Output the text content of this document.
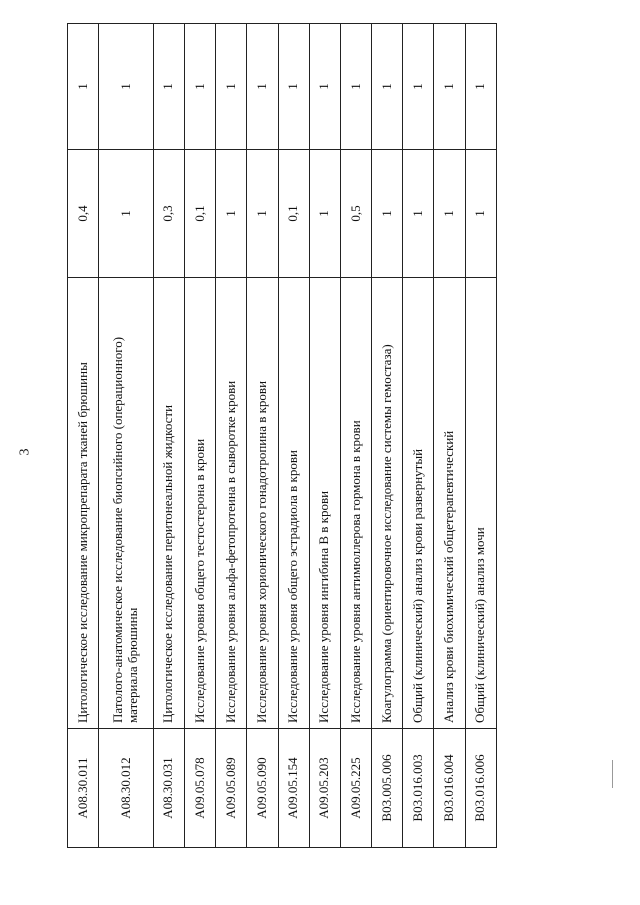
3
A08.30.011	Цитологическое исследование микропрепарата тканей брюшины	0,4	1
A08.30.012	Патолого-анатомическое исследование биопсийного (операционного) материала брюшины	1	1
A08.30.031	Цитологическое исследование перитонеальной жидкости	0,3	1
A09.05.078	Исследование уровня общего тестостерона в крови	0,1	1
A09.05.089	Исследование уровня альфа-фетопротеина в сыворотке крови	1	1
A09.05.090	Исследование уровня хорионического гонадотропина в крови	1	1
A09.05.154	Исследование уровня общего эстрадиола в крови	0,1	1
A09.05.203	Исследование уровня ингибина В в крови	1	1
A09.05.225	Исследование уровня антимюллерова гормона в крови	0,5	1
B03.005.006	Коагулограмма (ориентировочное исследование системы гемостаза)	1	1
B03.016.003	Общий (клинический) анализ крови развернутый	1	1
B03.016.004	Анализ крови биохимический общетерапевтический	1	1
B03.016.006	Общий (клинический) анализ мочи	1	1
